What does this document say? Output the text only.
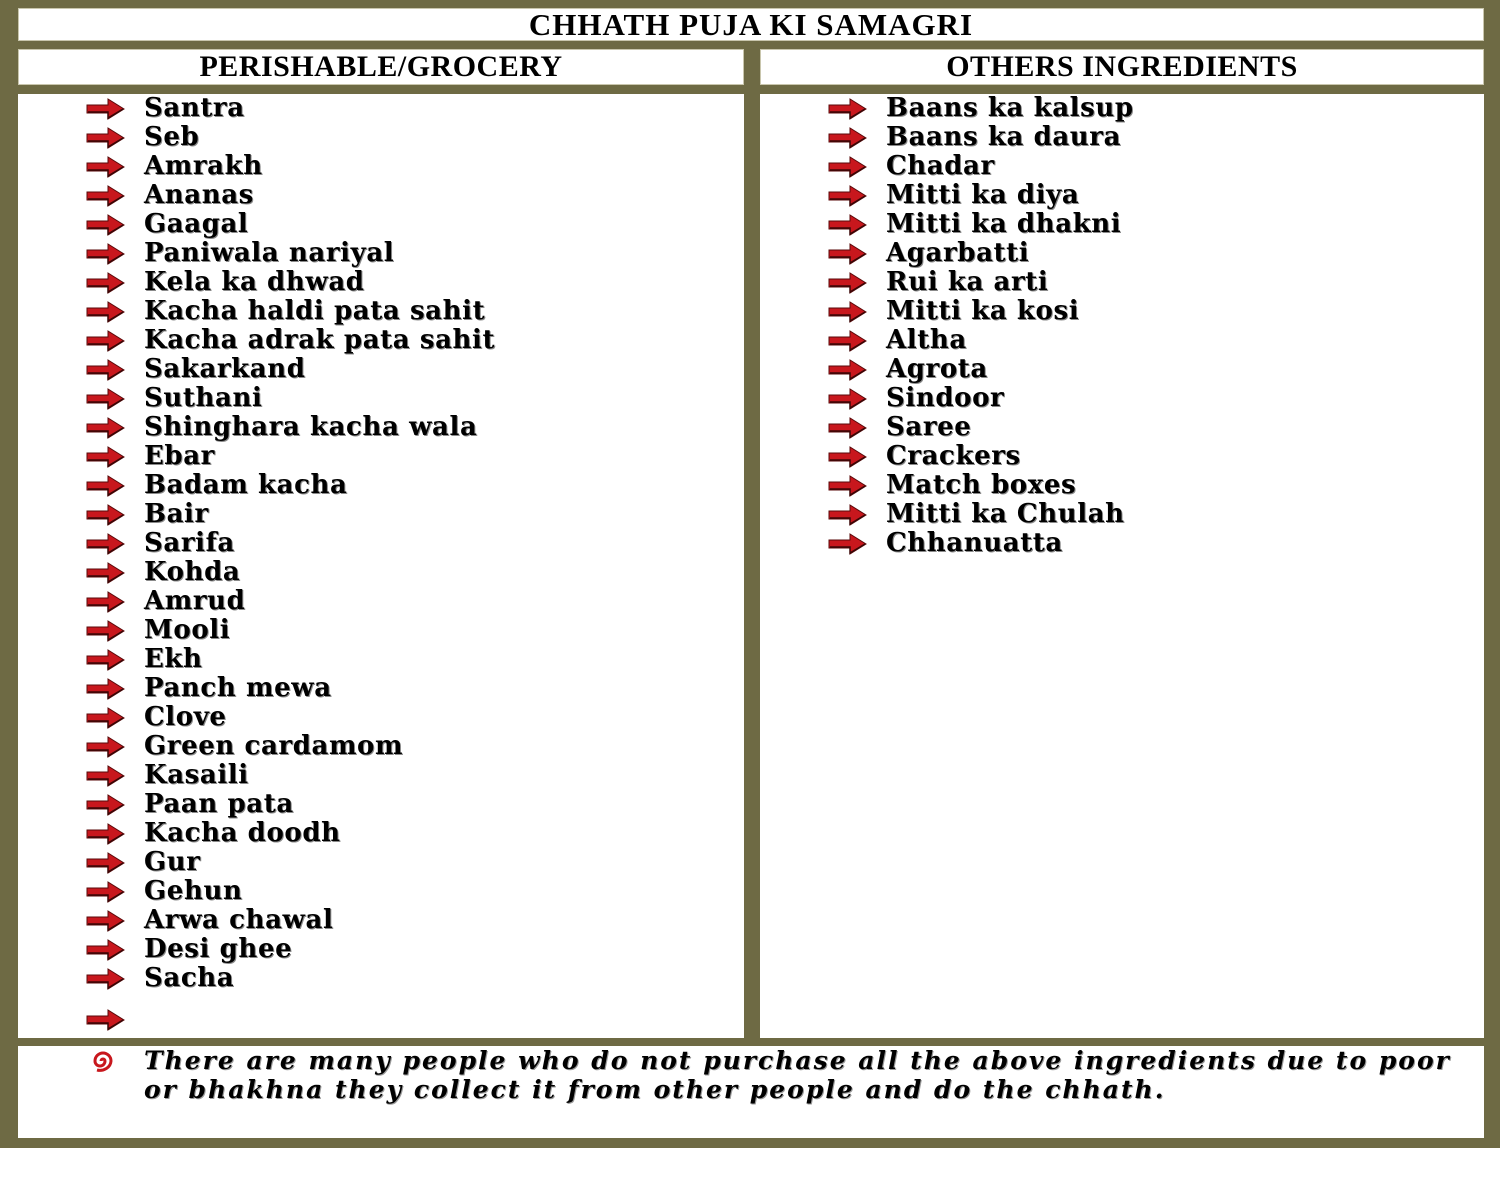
CHHATH PUJA KI SAMAGRI
PERISHABLE/GROCERY	OTHERS INGREDIENTS
Santra
Seb
Amrakh
Ananas
Gaagal
Paniwala nariyal
Kela ka dhwad
Kacha haldi pata sahit
Kacha adrak pata sahit
Sakarkand
Suthani
Shinghara kacha wala
Ebar
Badam kacha
Bair
Sarifa
Kohda
Amrud
Mooli
Ekh
Panch mewa
Clove
Green cardamom
Kasaili
Paan pata
Kacha doodh
Gur
Gehun
Arwa chawal
Desi ghee
Sacha
Baans ka kalsup
Baans ka daura
Chadar
Mitti ka diya
Mitti ka dhakni
Agarbatti
Rui ka arti
Mitti ka kosi
Altha
Agrota
Sindoor
Saree
Crackers
Match boxes
Mitti ka Chulah
Chhanuatta
There are many people who do not purchase all the above ingredients due to poor or bhakhna they collect it from other people and do the chhath.
